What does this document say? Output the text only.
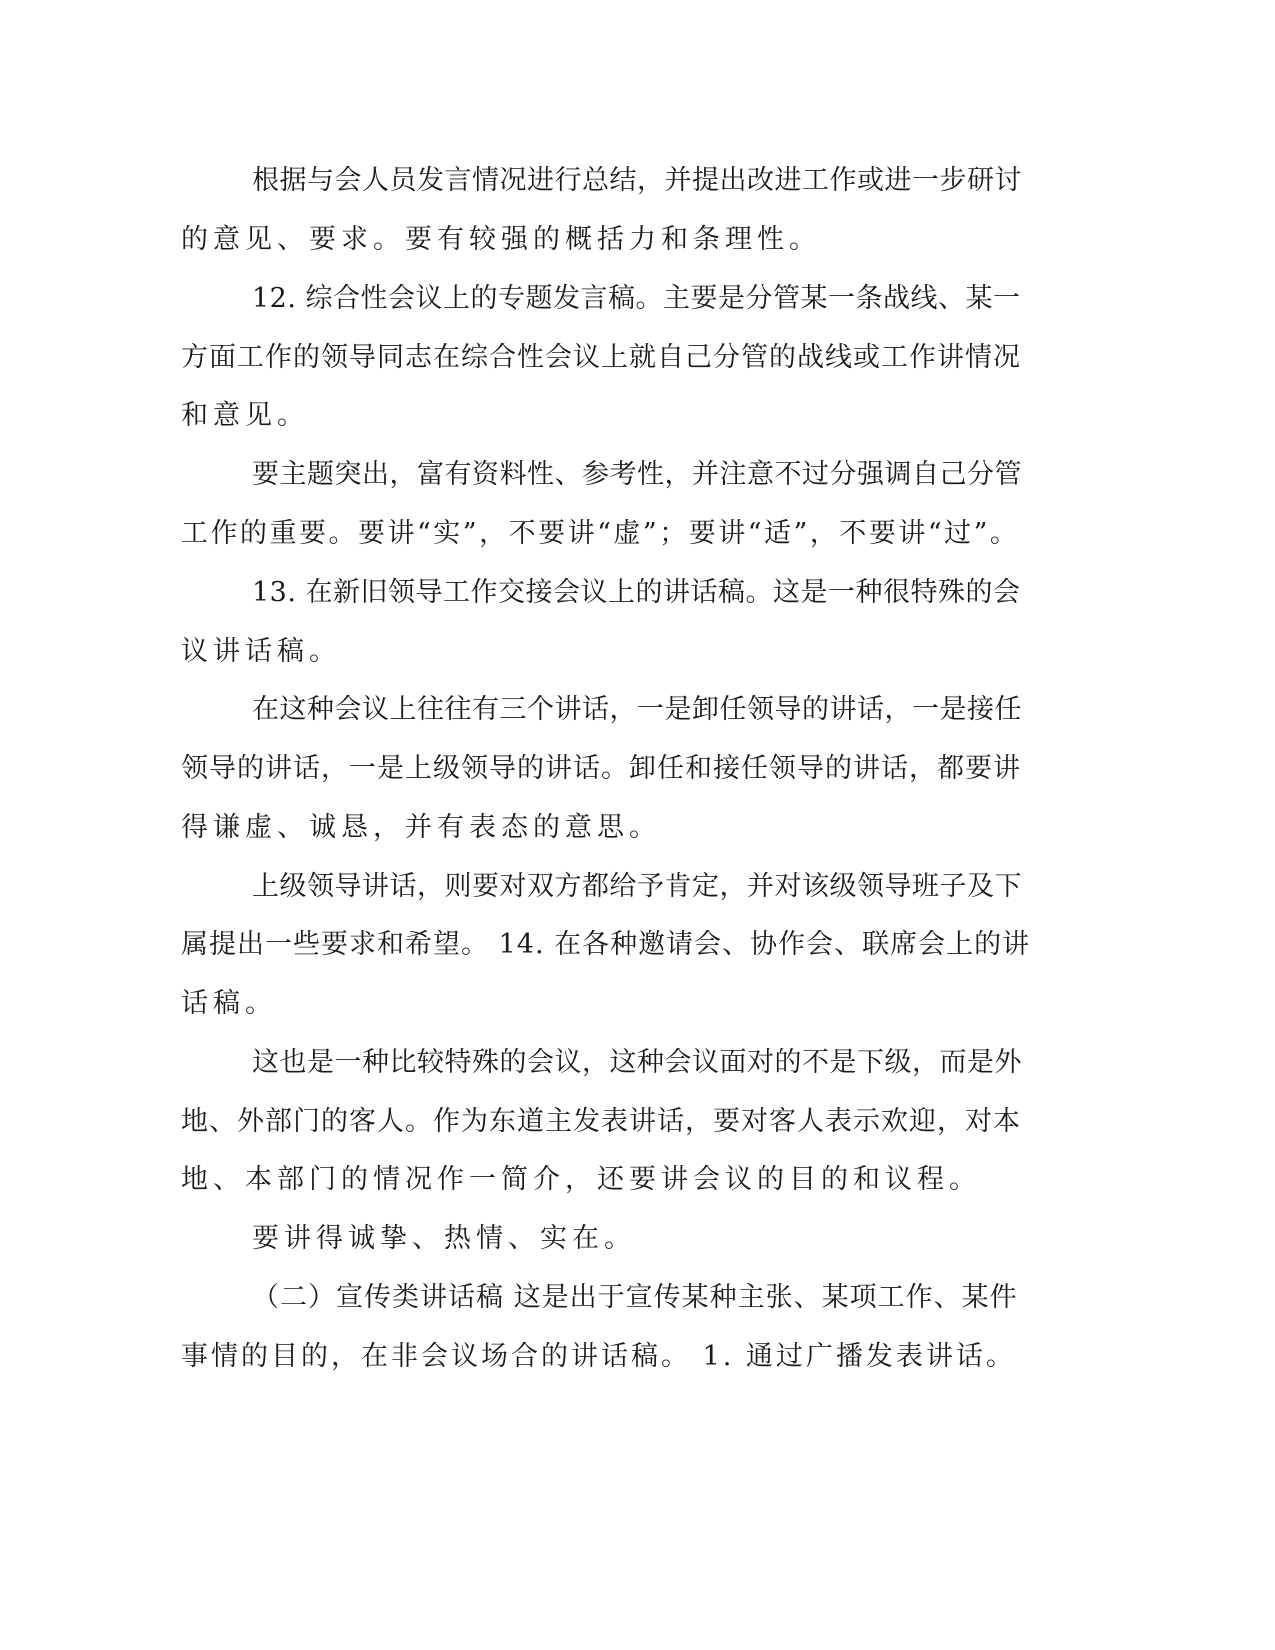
根据与会人员发言情况进行总结，并提出改进工作或进一步研讨

的意见、要求。要有较强的概括力和条理性。

12. 综合性会议上的专题发言稿。主要是分管某一条战线、某一

方面工作的领导同志在综合性会议上就自己分管的战线或工作讲情况

和意见。

要主题突出，富有资料性、参考性，并注意不过分强调自己分管

工作的重要。要讲“实”，不要讲“虚”；要讲“适”，不要讲“过”。

13. 在新旧领导工作交接会议上的讲话稿。这是一种很特殊的会

议讲话稿。

在这种会议上往往有三个讲话，一是卸任领导的讲话，一是接任

领导的讲话，一是上级领导的讲话。卸任和接任领导的讲话，都要讲

得谦虚、诚恳，并有表态的意思。

上级领导讲话，则要对双方都给予肯定，并对该级领导班子及下

属提出一些要求和希望。 14. 在各种邀请会、协作会、联席会上的讲

话稿。

这也是一种比较特殊的会议，这种会议面对的不是下级，而是外

地、外部门的客人。作为东道主发表讲话，要对客人表示欢迎，对本

地、本部门的情况作一简介，还要讲会议的目的和议程。

要讲得诚挚、热情、实在。

（二）宣传类讲话稿 这是出于宣传某种主张、某项工作、某件

事情的目的，在非会议场合的讲话稿。 1. 通过广播发表讲话。
